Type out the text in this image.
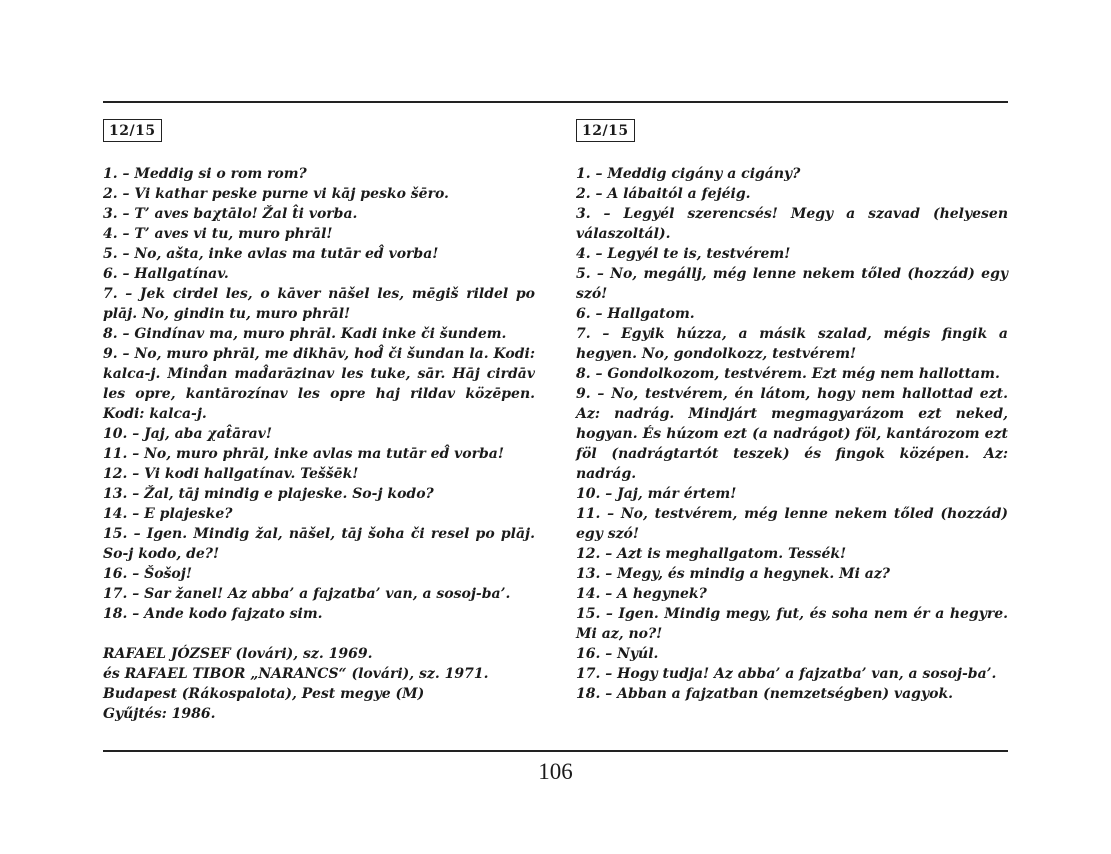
12/15
1. – Meddig si o rom rom?
2. – Vi kathar peske purne vi kāj pesko šēro.
3. – T’ aves baχtālo! Žal t̂i vorba.
4. – T’ aves vi tu, muro phrāl!
5. – No, ašta, inke avlas ma tutār ed̂ vorba!
6. – Hallgatínav.
7. – Jek cirdel les, o kāver nāšel les, mēgiš rildel po plāj. No, gindin tu, muro phrāl!
8. – Gindínav ma, muro phrāl. Kadi inke či šundem.
9. – No, muro phrāl, me dikhāv, hod̂ či šundan la. Kodi: kalca-j. Mind̂an mad̂arāzinav les tuke, sār. Hāj cirdāv les opre, kantārozínav les opre haj rildav közēpen. Kodi: kalca-j.
10. – Jaj, aba χat̂ārav!
11. – No, muro phrāl, inke avlas ma tutār ed̂ vorba!
12. – Vi kodi hallgatínav. Teššēk!
13. – Žal, tāj mindig e plajeske. So-j kodo?
14. – E plajeske?
15. – Igen. Mindig žal, nāšel, tāj šoha či resel po plāj. So-j kodo, de?!
16. – Šošoj!
17. – Sar žanel! Az abba’ a fajzatba’ van, a sosoj-ba’.
18. – Ande kodo fajzato sim.
RAFAEL JÓZSEF (lovári), sz. 1969.
és RAFAEL TIBOR „NARANCS“ (lovári), sz. 1971.
Budapest (Rákospalota), Pest megye (M)
Gyűjtés: 1986.
12/15
1. – Meddig cigány a cigány?
2. – A lábaitól a fejéig.
3. – Legyél szerencsés! Megy a szavad (helyesen válaszoltál).
4. – Legyél te is, testvérem!
5. – No, megállj, még lenne nekem tőled (hozzád) egy szó!
6. – Hallgatom.
7. – Egyik húzza, a másik szalad, mégis fingik a hegyen. No, gondolkozz, testvérem!
8. – Gondolkozom, testvérem. Ezt még nem hallottam.
9. – No, testvérem, én látom, hogy nem hallottad ezt. Az: nadrág. Mindjárt megmagyarázom ezt neked, hogyan. És húzom ezt (a nadrágot) föl, kantározom ezt föl (nadrágtartót teszek) és fingok középen. Az: nadrág.
10. – Jaj, már értem!
11. – No, testvérem, még lenne nekem tőled (hozzád) egy szó!
12. – Azt is meghallgatom. Tessék!
13. – Megy, és mindig a hegynek. Mi az?
14. – A hegynek?
15. – Igen. Mindig megy, fut, és soha nem ér a hegyre. Mi az, no?!
16. – Nyúl.
17. – Hogy tudja! Az abba’ a fajzatba’ van, a sosoj-ba’.
18. – Abban a fajzatban (nemzetségben) vagyok.
106
